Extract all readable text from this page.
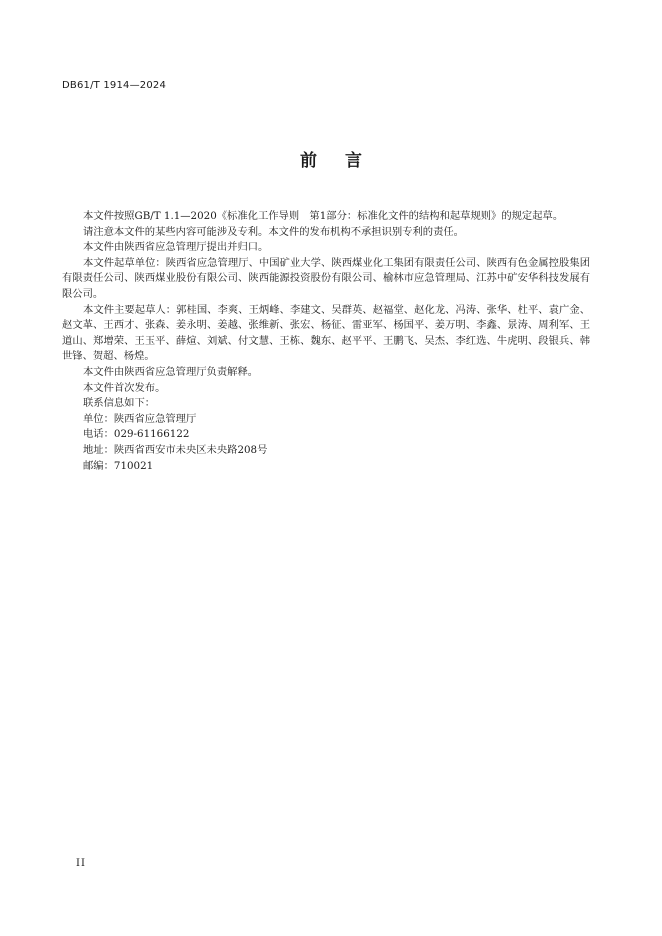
DB61/T 1914—2024
前言

本文件按照GB/T 1.1—2020《标准化工作导则　第1部分：标准化文件的结构和起草规则》的规定起草。

请注意本文件的某些内容可能涉及专利。本文件的发布机构不承担识别专利的责任。

本文件由陕西省应急管理厅提出并归口。

本文件起草单位：陕西省应急管理厅、中国矿业大学、陕西煤业化工集团有限责任公司、陕西有色金属控股集团有限责任公司、陕西煤业股份有限公司、陕西能源投资股份有限公司、榆林市应急管理局、江苏中矿安华科技发展有限公司。

本文件主要起草人：郭桂国、李爽、王炳峰、李建文、吴群英、赵福堂、赵化龙、冯涛、张华、杜平、袁广金、赵文革、王西才、张森、姜永明、姜越、张维新、张宏、杨征、雷亚军、杨国平、姜万明、李鑫、景涛、周利军、王道山、郑增荣、王玉平、薛煊、刘斌、付文慧、王栋、魏东、赵平平、王鹏飞、吴杰、李红选、牛虎明、段银兵、韩世锋、贺超、杨煌。

本文件由陕西省应急管理厅负责解释。

本文件首次发布。

联系信息如下：

单位：陕西省应急管理厅

电话：029-61166122

地址：陕西省西安市未央区未央路208号

邮编：710021

II
